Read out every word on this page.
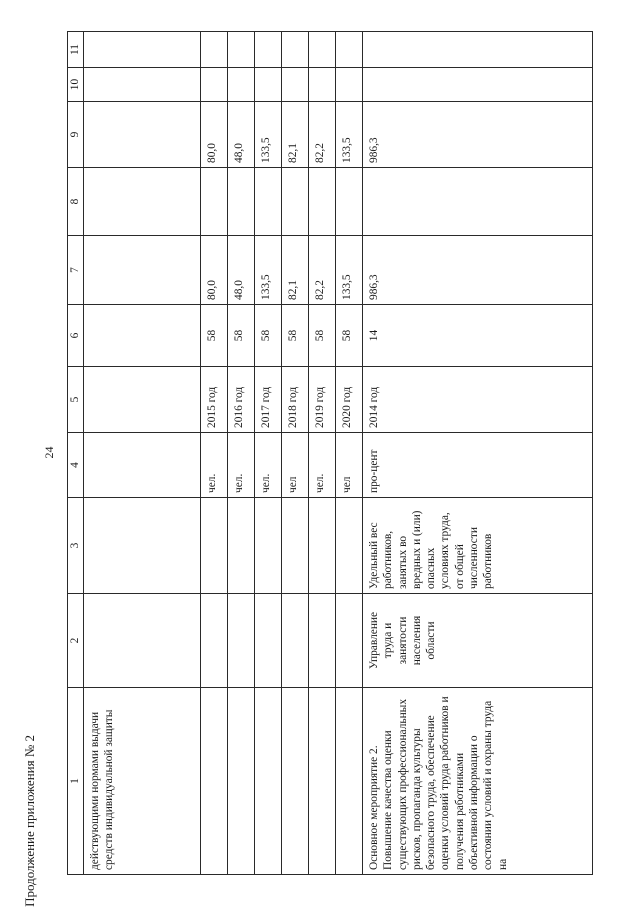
24
Продолжение приложения № 2	1	2	3	4	5	6	7	8	9	10	11
действующими нормами выдачи средств индивидуальной защиты										
			чел.	2015 год	58	80,0		80,0		
			чел.	2016 год	58	48,0		48,0		
			чел.	2017 год	58	133,5		133,5		
			чел	2018 год	58	82,1		82,1		
			чел.	2019 год	58	82,2		82,2		
			чел	2020 год	58	133,5		133,5		
Основное мероприятие 2. Повышение качества оценки существующих профессиональных рисков, пропаганда культуры безопасного труда, обеспечение оценки условий труда работников и получения работниками объективной информации о состоянии условий и охраны труда на	Управление труда и занятости населения области	Удельный вес работников, занятых во вредных и (или) опасных условиях труда, от общей численности работников	про-цент	2014 год	14	986,3		986,3		
